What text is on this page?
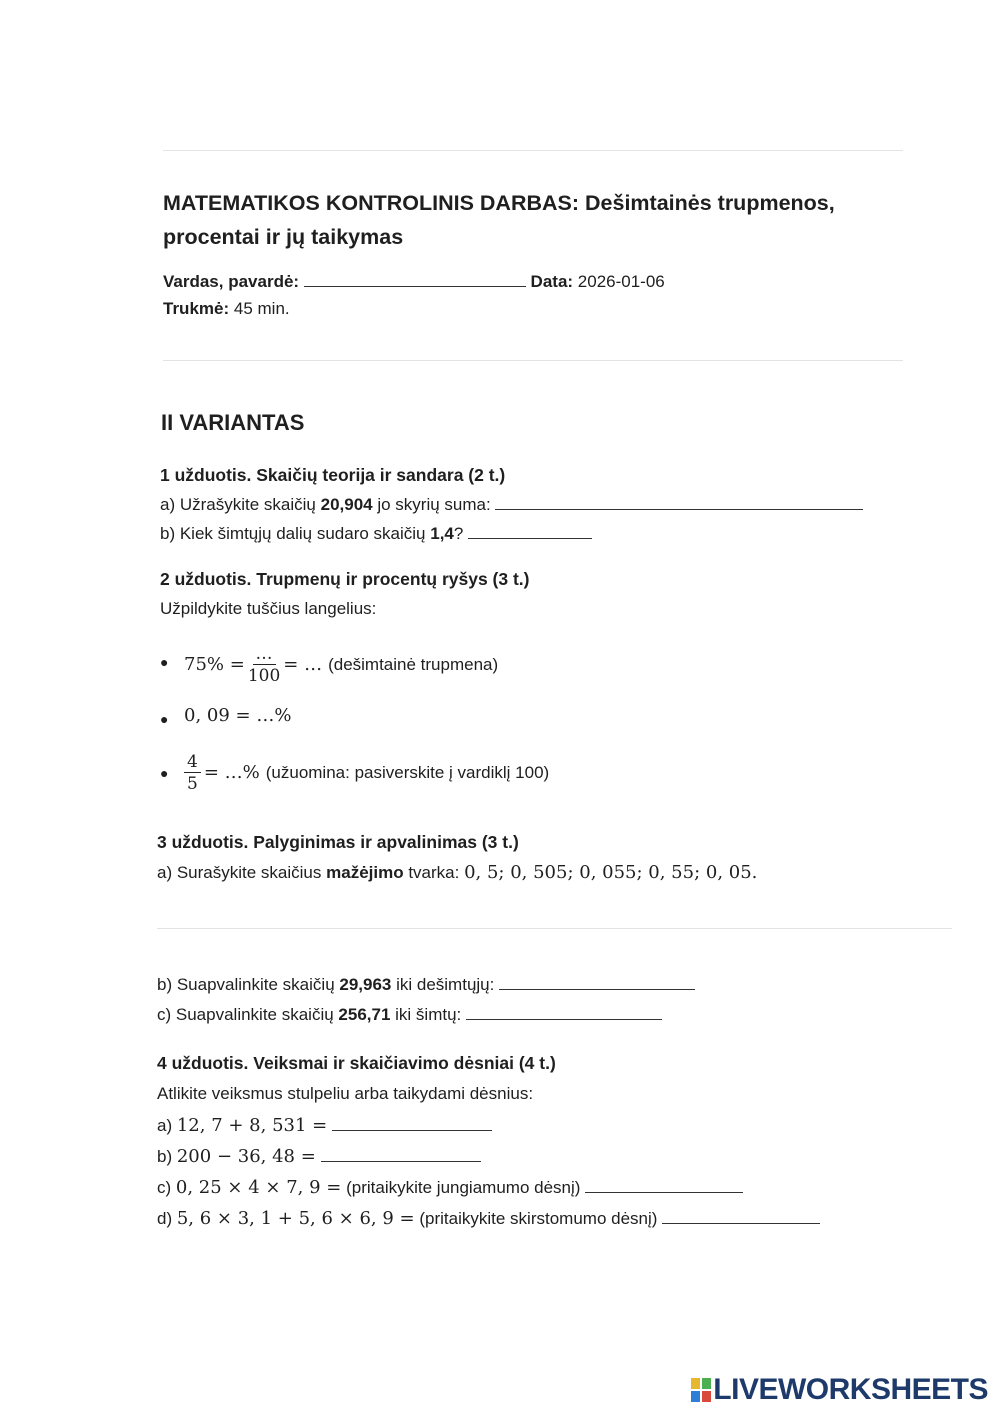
MATEMATIKOS KONTROLINIS DARBAS: Dešimtainės trupmenos, procentai ir jų taikymas
Vardas, pavardė:	Data: 2026-01-06
Trukmė: 45 min.
II VARIANTAS
1 užduotis. Skaičių teorija ir sandara (2 t.)
a) Užrašykite skaičių 20,904 jo skyrių suma:
b) Kiek šimtųjų dalių sudaro skaičių 1,4?
2 užduotis. Trupmenų ir procentų ryšys (3 t.)
Užpildykite tuščius langelius:
● $75\% = \frac{\dots}{100}$ = … (dešimtainė trupmena)
● 0, 09 = …%
● $\frac{4}{5}$ = …% (užuomina: pasiverskite į vardiklį 100)
3 užduotis. Palyginimas ir apvalinimas (3 t.)
a) Surašykite skaičius mažėjimo tvarka: 0, 5; 0, 505; 0, 055; 0, 55; 0, 05.
b) Suapvalinkite skaičių 29,963 iki dešimtųjų:
c) Suapvalinkite skaičių 256,71 iki šimtų:
4 užduotis. Veiksmai ir skaičiavimo dėsniai (4 t.)
Atlikite veiksmus stulpeliu arba taikydami dėsnius:
a) 12, 7 + 8, 531 =
b) 200 − 36, 48 =
c) 0, 25 × 4 × 7, 9 = (pritaikykite jungiamumo dėsnį)
d) 5, 6 × 3, 1 + 5, 6 × 6, 9 = (pritaikykite skirstomumo dėsnį)
LIVEWORKSHEETS
